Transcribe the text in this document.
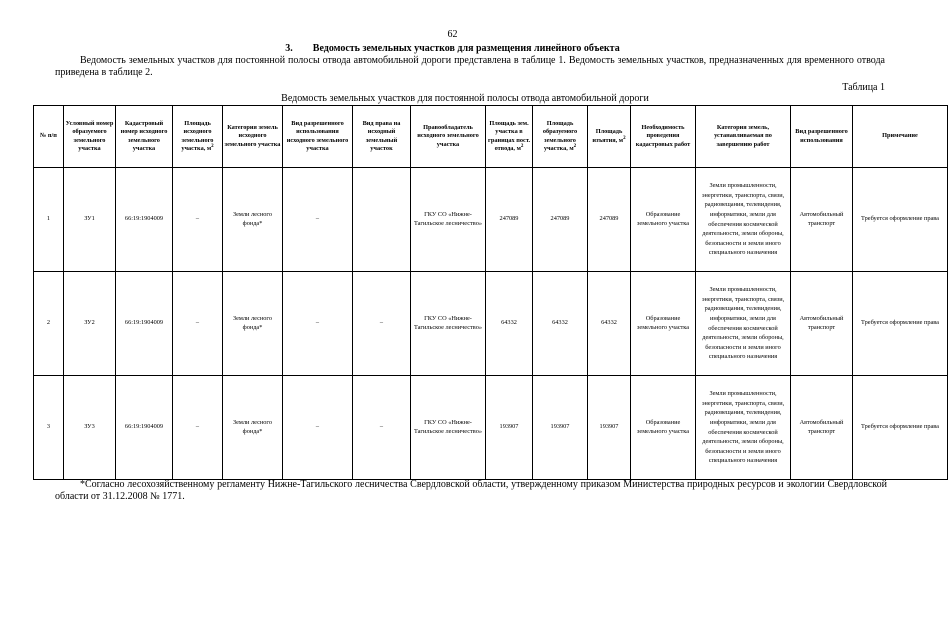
62
3. Ведомость земельных участков для размещения линейного объекта
Ведомость земельных участков для постоянной полосы отвода автомобильной дороги представлена в таблице 1. Ведомость земельных участков, предназначенных для временного отвода приведена в таблице 2.
Таблица 1
Ведомость земельных участков для постоянной полосы отвода автомобильной дороги
№ п/п	Условный номер образуемого земельного участка	Кадастровый номер исходного земельного участка	Площадь исходного земельного участка, $м^2$	Категория земель исходного земельного участка	Вид разрешенного использования исходного земельного участка	Вид права на исходный земельный участок	Правообладатель исходного земельного участка	Площадь зем. участка в границах пост. отвода, $м^2$	Площадь образуемого земельного участка, $м^2$	Площадь изъятия, $м^2$	Необходимость проведения кадастровых работ	Категория земель, устанавливаемая по завершению работ	Вид разрешенного использования	Примечание
1	ЗУ1	66:19:1904009	–	Земли лесного фонда*	–		ГКУ СО «Нижне-Тагильское лесничество»	247089	247089	247089	Образование земельного участка	Земли промышленности, энергетики, транспорта, связи, радиовещания, телевидения, информатики, земли для обеспечения космической деятельности, земли обороны, безопасности и земли иного специального назначения	Автомобильный транспорт	Требуется оформление права
2	ЗУ2	66:19:1904009	–	Земли лесного фонда*	–	–	ГКУ СО «Нижне-Тагильское лесничество»	64332	64332	64332	Образование земельного участка	Земли промышленности, энергетики, транспорта, связи, радиовещания, телевидения, информатики, земли для обеспечения космической деятельности, земли обороны, безопасности и земли иного специального назначения	Автомобильный транспорт	Требуется оформление права
3	ЗУ3	66:19:1904009	–	Земли лесного фонда*	–	–	ГКУ СО «Нижне-Тагильское лесничество»	193907	193907	193907	Образование земельного участка	Земли промышленности, энергетики, транспорта, связи, радиовещания, телевидения, информатики, земли для обеспечения космической деятельности, земли обороны, безопасности и земли иного специального назначения	Автомобильный транспорт	Требуется оформление права
*Согласно лесохозяйственному регламенту Нижне-Тагильского лесничества Свердловской области, утвержденному приказом Министерства природных ресурсов и экологии Свердловской области от 31.12.2008 № 1771.
